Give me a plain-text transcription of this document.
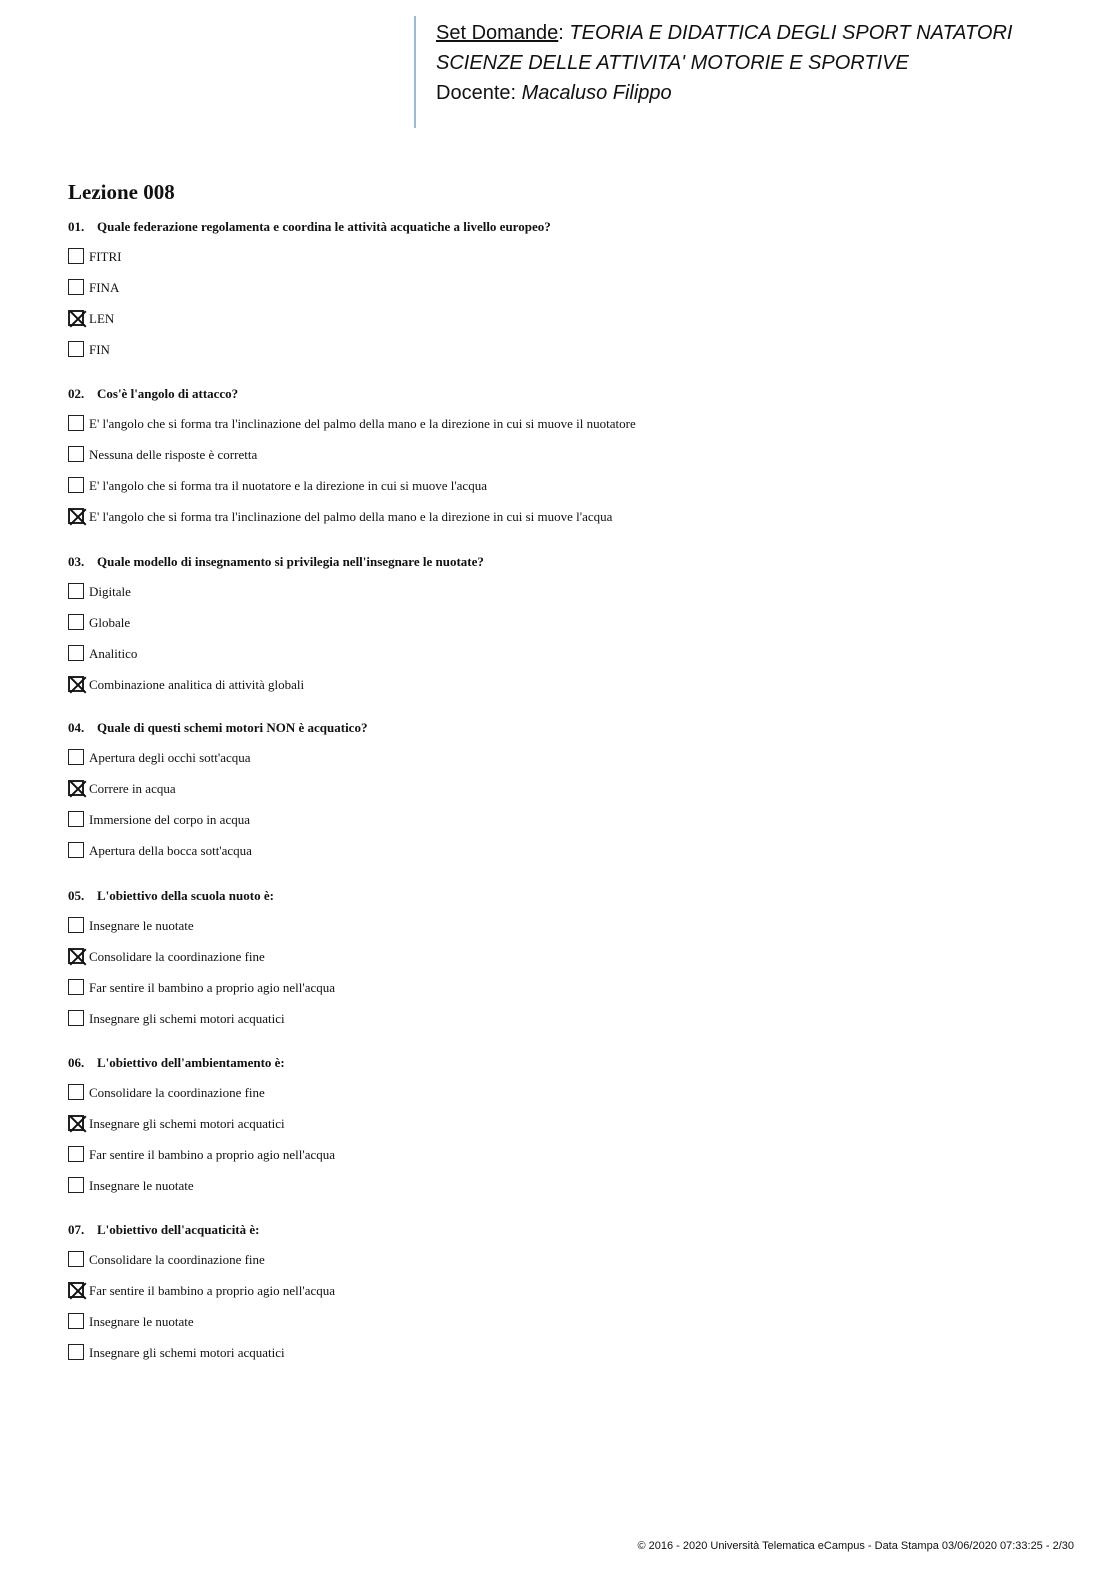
Set Domande: TEORIA E DIDATTICA DEGLI SPORT NATATORI
SCIENZE DELLE ATTIVITA' MOTORIE E SPORTIVE
Docente: Macaluso Filippo
Lezione 008
01. Quale federazione regolamenta e coordina le attività acquatiche a livello europeo?
FITRI
FINA
LEN
FIN
02. Cos'è l'angolo di attacco?
E' l'angolo che si forma tra l'inclinazione del palmo della mano e la direzione in cui si muove il nuotatore
Nessuna delle risposte è corretta
E' l'angolo che si forma tra il nuotatore e la direzione in cui si muove l'acqua
E' l'angolo che si forma tra l'inclinazione del palmo della mano e la direzione in cui si muove l'acqua
03. Quale modello di insegnamento si privilegia nell'insegnare le nuotate?
Digitale
Globale
Analitico
Combinazione analitica di attività globali
04. Quale di questi schemi motori NON è acquatico?
Apertura degli occhi sott'acqua
Correre in acqua
Immersione del corpo in acqua
Apertura della bocca sott'acqua
05. L'obiettivo della scuola nuoto è:
Insegnare le nuotate
Consolidare la coordinazione fine
Far sentire il bambino a proprio agio nell'acqua
Insegnare gli schemi motori acquatici
06. L'obiettivo dell'ambientamento è:
Consolidare la coordinazione fine
Insegnare gli schemi motori acquatici
Far sentire il bambino a proprio agio nell'acqua
Insegnare le nuotate
07. L'obiettivo dell'acquaticità è:
Consolidare la coordinazione fine
Far sentire il bambino a proprio agio nell'acqua
Insegnare le nuotate
Insegnare gli schemi motori acquatici
© 2016 - 2020 Università Telematica eCampus - Data Stampa 03/06/2020 07:33:25 - 2/30
